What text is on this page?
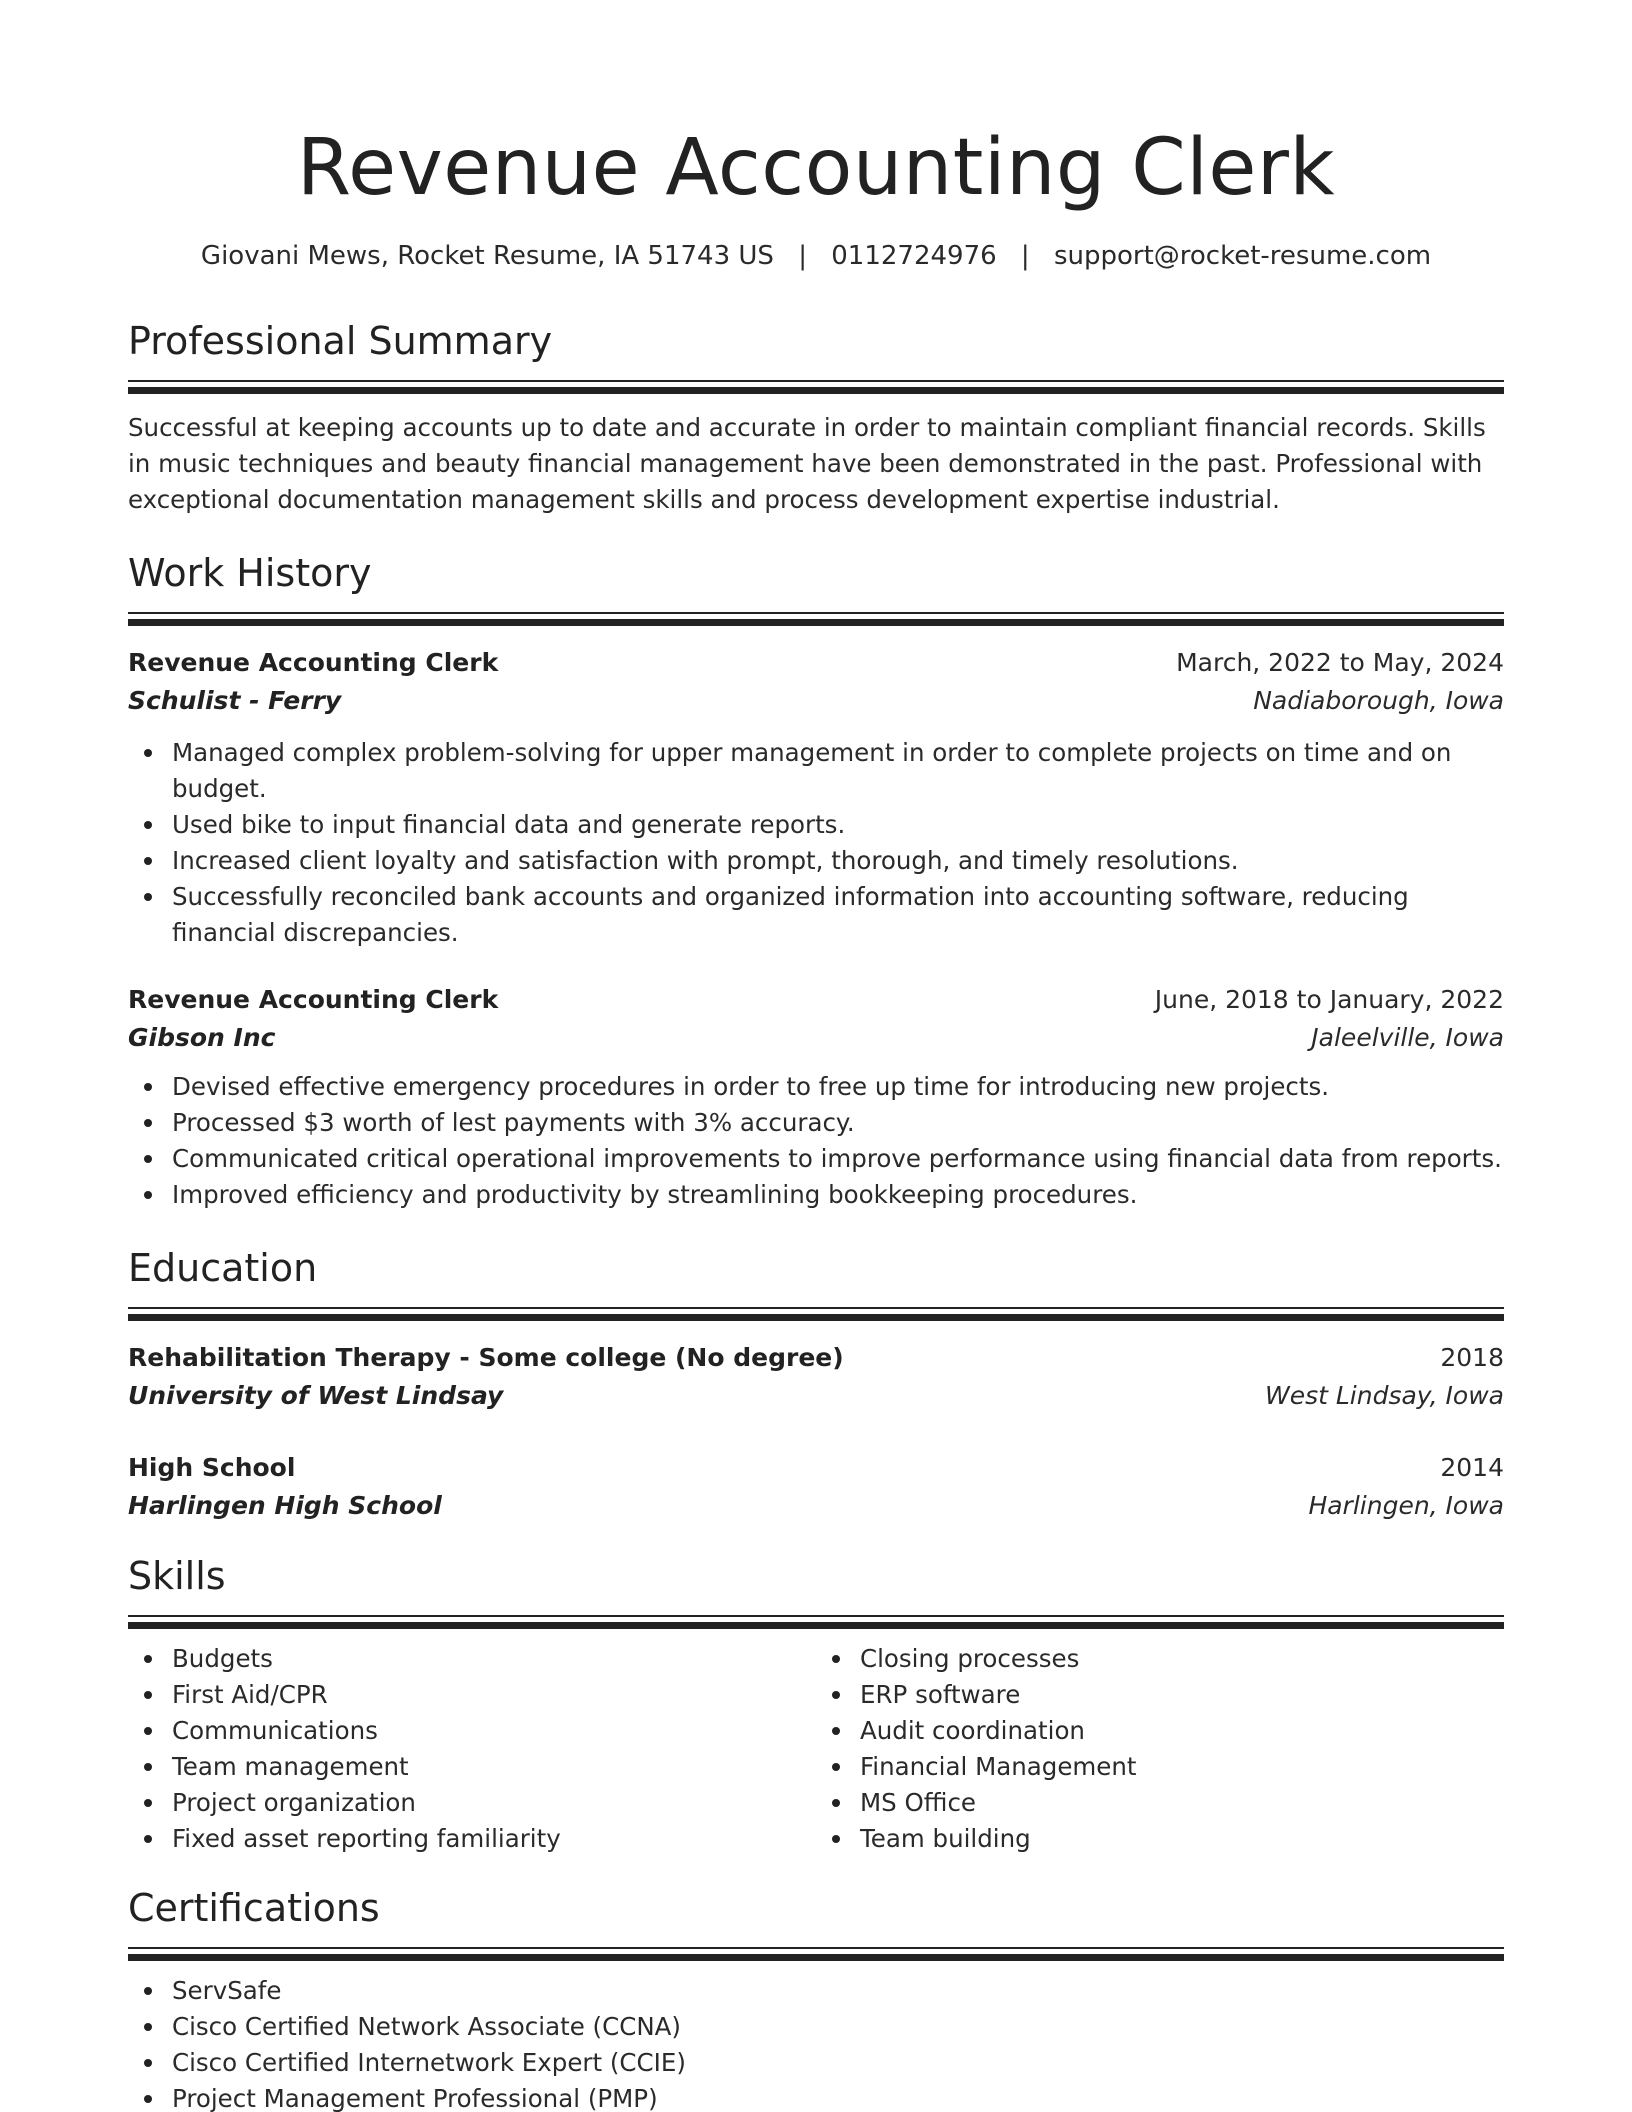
Revenue Accounting Clerk
Giovani Mews, Rocket Resume, IA 51743 US | 0112724976 | support@rocket-resume.com
Professional Summary

Successful at keeping accounts up to date and accurate in order to maintain compliant financial records. Skills in music techniques and beauty financial management have been demonstrated in the past. Professional with exceptional documentation management skills and process development expertise industrial.

Work History
Revenue Accounting Clerk	March, 2022 to May, 2024
Schulist - Ferry	Nadiaborough, Iowa
Managed complex problem-solving for upper management in order to complete projects on time and on budget.
Used bike to input financial data and generate reports.
Increased client loyalty and satisfaction with prompt, thorough, and timely resolutions.
Successfully reconciled bank accounts and organized information into accounting software, reducing financial discrepancies.
Revenue Accounting Clerk	June, 2018 to January, 2022
Gibson Inc	Jaleelville, Iowa
Devised effective emergency procedures in order to free up time for introducing new projects.
Processed $3 worth of lest payments with 3% accuracy.
Communicated critical operational improvements to improve performance using financial data from reports.
Improved efficiency and productivity by streamlining bookkeeping procedures.
Education
Rehabilitation Therapy - Some college (No degree)	2018
University of West Lindsay	West Lindsay, Iowa
High School	2014
Harlingen High School	Harlingen, Iowa
Skills
Budgets
First Aid/CPR
Communications
Team management
Project organization
Fixed asset reporting familiarity
Closing processes
ERP software
Audit coordination
Financial Management
MS Office
Team building
Certifications
ServSafe
Cisco Certified Network Associate (CCNA)
Cisco Certified Internetwork Expert (CCIE)
Project Management Professional (PMP)
